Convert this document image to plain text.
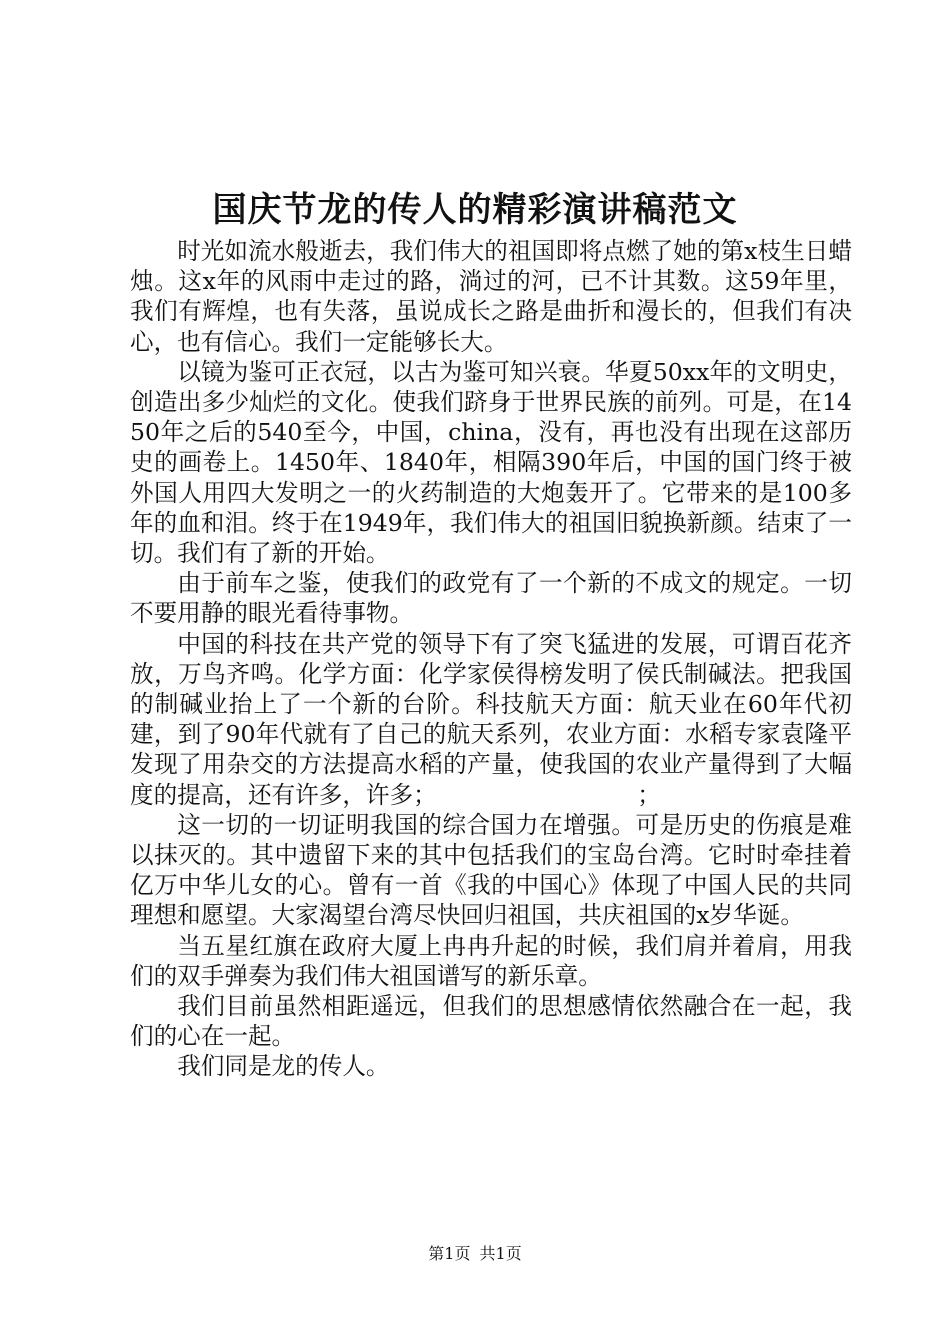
国庆节龙的传人的精彩演讲稿范文

时光如流水般逝去，我们伟大的祖国即将点燃了她的第x枝生日蜡烛。这x年的风雨中走过的路，淌过的河，已不计其数。这59年里，我们有辉煌，也有失落，虽说成长之路是曲折和漫长的，但我们有决心，也有信心。我们一定能够长大。

以镜为鉴可正衣冠，以古为鉴可知兴衰。华夏50xx年的文明史，创造出多少灿烂的文化。使我们跻身于世界民族的前列。可是，在1450年之后的540至今，中国，china，没有，再也没有出现在这部历史的画卷上。1450年、1840年，相隔390年后，中国的国门终于被外国人用四大发明之一的火药制造的大炮轰开了。它带来的是100多年的血和泪。终于在1949年，我们伟大的祖国旧貌换新颜。结束了一切。我们有了新的开始。

由于前车之鉴，使我们的政党有了一个新的不成文的规定。一切不要用静的眼光看待事物。

中国的科技在共产党的领导下有了突飞猛进的发展，可谓百花齐放，万鸟齐鸣。化学方面：化学家侯得榜发明了侯氏制碱法。把我国的制碱业抬上了一个新的台阶。科技航天方面：航天业在60年代初建，到了90年代就有了自己的航天系列，农业方面：水稻专家袁隆平发现了用杂交的方法提高水稻的产量，使我国的农业产量得到了大幅度的提高，还有许多，许多；　　　　　　　　　；

这一切的一切证明我国的综合国力在增强。可是历史的伤痕是难以抹灭的。其中遗留下来的其中包括我们的宝岛台湾。它时时牵挂着亿万中华儿女的心。曾有一首《我的中国心》体现了中国人民的共同理想和愿望。大家渴望台湾尽快回归祖国，共庆祖国的x岁华诞。

当五星红旗在政府大厦上冉冉升起的时候，我们肩并着肩，用我们的双手弹奏为我们伟大祖国谱写的新乐章。

我们目前虽然相距遥远，但我们的思想感情依然融合在一起，我们的心在一起。

我们同是龙的传人。

第1页 共1页
